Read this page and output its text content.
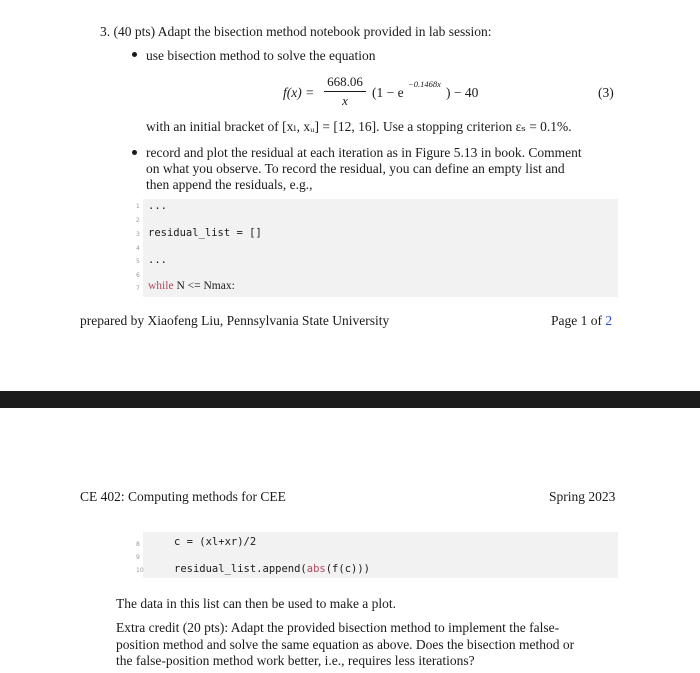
3. (40 pts) Adapt the bisection method notebook provided in lab session:
use bisection method to solve the equation
f(x) =
668.06
x
(1 − e
−0.1468x
) − 40	(3)
with an initial bracket of [xₗ, xᵤ] = [12, 16]. Use a stopping criterion εₛ = 0.1%.
record and plot the residual at each iteration as in Figure 5.13 in book. Comment
on what you observe. To record the residual, you can define an empty list and
then append the residuals, e.g.,
1
2
3
4
5
6
7
...
residual_list = []
...
while N <= Nmax:
prepared by Xiaofeng Liu, Pennsylvania State University	Page 1 of 2
CE 402: Computing methods for CEE	Spring 2023
8
9
10
c = (xl+xr)/2
residual_list.append(abs(f(c)))
The data in this list can then be used to make a plot.
Extra credit (20 pts): Adapt the provided bisection method to implement the false-
position method and solve the same equation as above. Does the bisection method or
the false-position method work better, i.e., requires less iterations?
